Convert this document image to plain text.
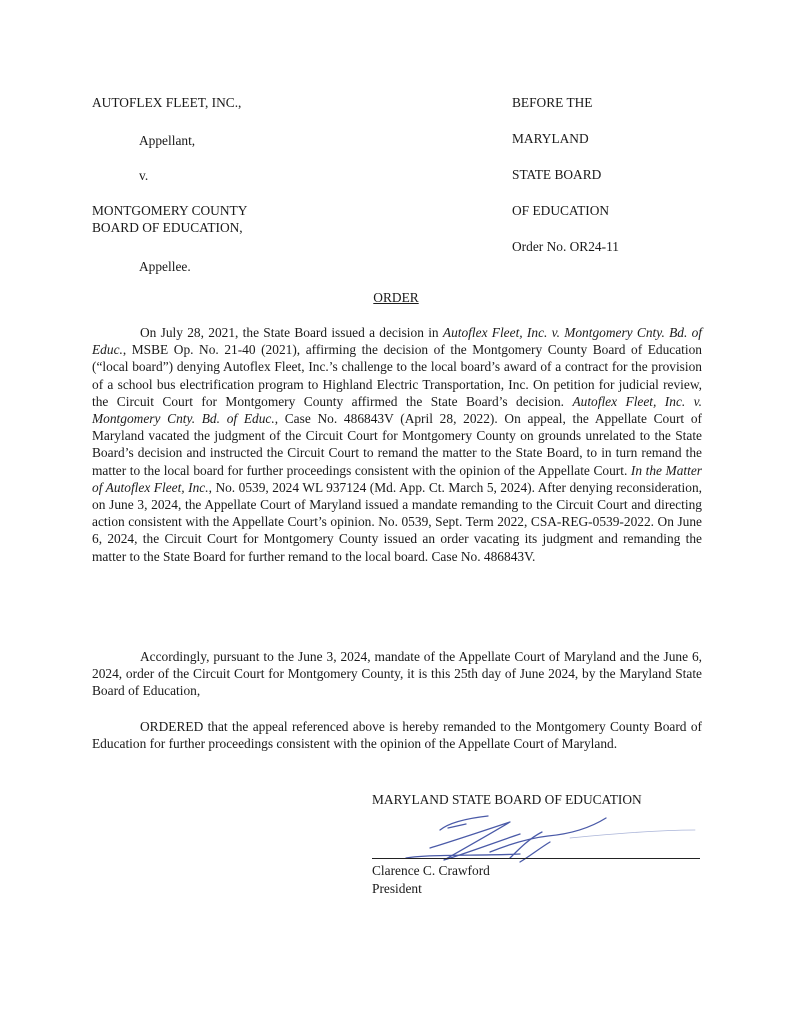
AUTOFLEX FLEET, INC.,
Appellant,
v.
MONTGOMERY COUNTY
BOARD OF EDUCATION,
Appellee.
BEFORE THE
MARYLAND
STATE BOARD
OF EDUCATION
Order No. OR24-11
ORDER

On July 28, 2021, the State Board issued a decision in Autoflex Fleet, Inc. v. Montgomery Cnty. Bd. of Educ., MSBE Op. No. 21-40 (2021), affirming the decision of the Montgomery County Board of Education (“local board”) denying Autoflex Fleet, Inc.’s challenge to the local board’s award of a contract for the provision of a school bus electrification program to Highland Electric Transportation, Inc. On petition for judicial review, the Circuit Court for Montgomery County affirmed the State Board’s decision. Autoflex Fleet, Inc. v. Montgomery Cnty. Bd. of Educ., Case No. 486843V (April 28, 2022). On appeal, the Appellate Court of Maryland vacated the judgment of the Circuit Court for Montgomery County on grounds unrelated to the State Board’s decision and instructed the Circuit Court to remand the matter to the State Board, to in turn remand the matter to the local board for further proceedings consistent with the opinion of the Appellate Court. In the Matter of Autoflex Fleet, Inc., No. 0539, 2024 WL 937124 (Md. App. Ct. March 5, 2024). After denying reconsideration, on June 3, 2024, the Appellate Court of Maryland issued a mandate remanding to the Circuit Court and directing action consistent with the Appellate Court’s opinion. No. 0539, Sept. Term 2022, CSA-REG-0539-2022. On June 6, 2024, the Circuit Court for Montgomery County issued an order vacating its judgment and remanding the matter to the State Board for further remand to the local board. Case No. 486843V.

Accordingly, pursuant to the June 3, 2024, mandate of the Appellate Court of Maryland and the June 6, 2024, order of the Circuit Court for Montgomery County, it is this 25th day of June 2024, by the Maryland State Board of Education,

ORDERED that the appeal referenced above is hereby remanded to the Montgomery County Board of Education for further proceedings consistent with the opinion of the Appellate Court of Maryland.

MARYLAND STATE BOARD OF EDUCATION
Clarence C. Crawford
President
